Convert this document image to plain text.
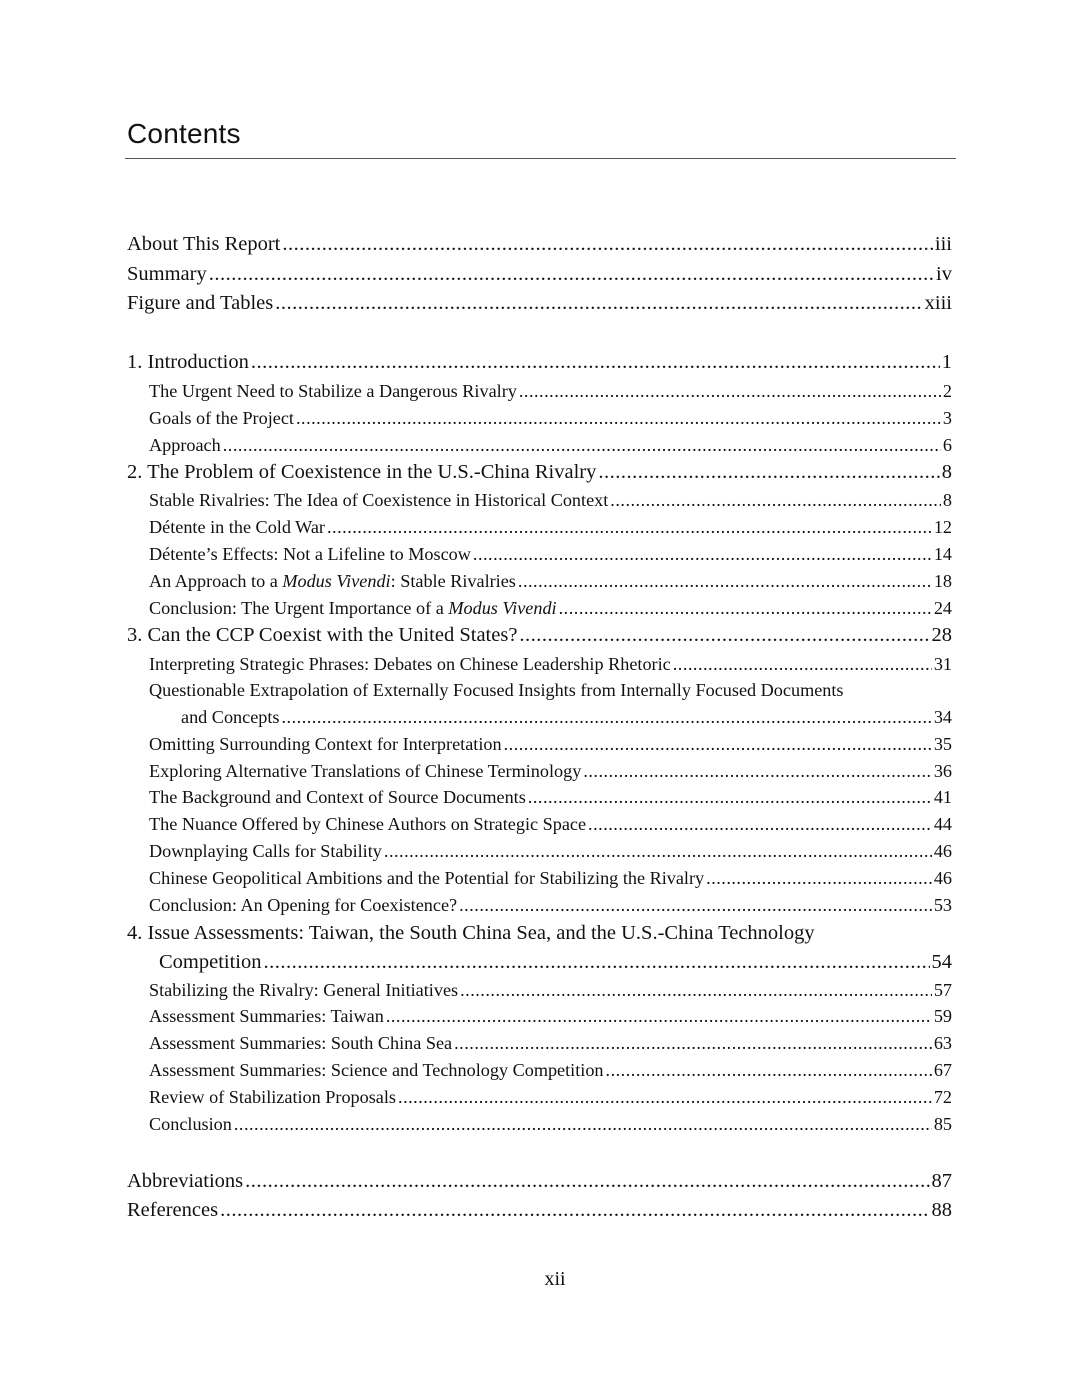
Contents
About This Report .....	iii
Summary .....	iv
Figure and Tables .....	xiii
1. Introduction .....	1
The Urgent Need to Stabilize a Dangerous Rivalry .....	2
Goals of the Project .....	3
Approach .....	6
2. The Problem of Coexistence in the U.S.-China Rivalry .....	8
Stable Rivalries: The Idea of Coexistence in Historical Context .....	8
Détente in the Cold War .....	12
Détente’s Effects: Not a Lifeline to Moscow .....	14
An Approach to a Modus Vivendi: Stable Rivalries .....	18
Conclusion: The Urgent Importance of a Modus Vivendi .....	24
3. Can the CCP Coexist with the United States? .....	28
Interpreting Strategic Phrases: Debates on Chinese Leadership Rhetoric .....	31
Questionable Extrapolation of Externally Focused Insights from Internally Focused Documents
and Concepts .....	34
Omitting Surrounding Context for Interpretation .....	35
Exploring Alternative Translations of Chinese Terminology .....	36
The Background and Context of Source Documents .....	41
The Nuance Offered by Chinese Authors on Strategic Space .....	44
Downplaying Calls for Stability .....	46
Chinese Geopolitical Ambitions and the Potential for Stabilizing the Rivalry .....	46
Conclusion: An Opening for Coexistence? .....	53
4. Issue Assessments: Taiwan, the South China Sea, and the U.S.-China Technology
Competition .....	54
Stabilizing the Rivalry: General Initiatives .....	57
Assessment Summaries: Taiwan .....	59
Assessment Summaries: South China Sea .....	63
Assessment Summaries: Science and Technology Competition .....	67
Review of Stabilization Proposals .....	72
Conclusion .....	85
Abbreviations .....	87
References .....	88
xii
